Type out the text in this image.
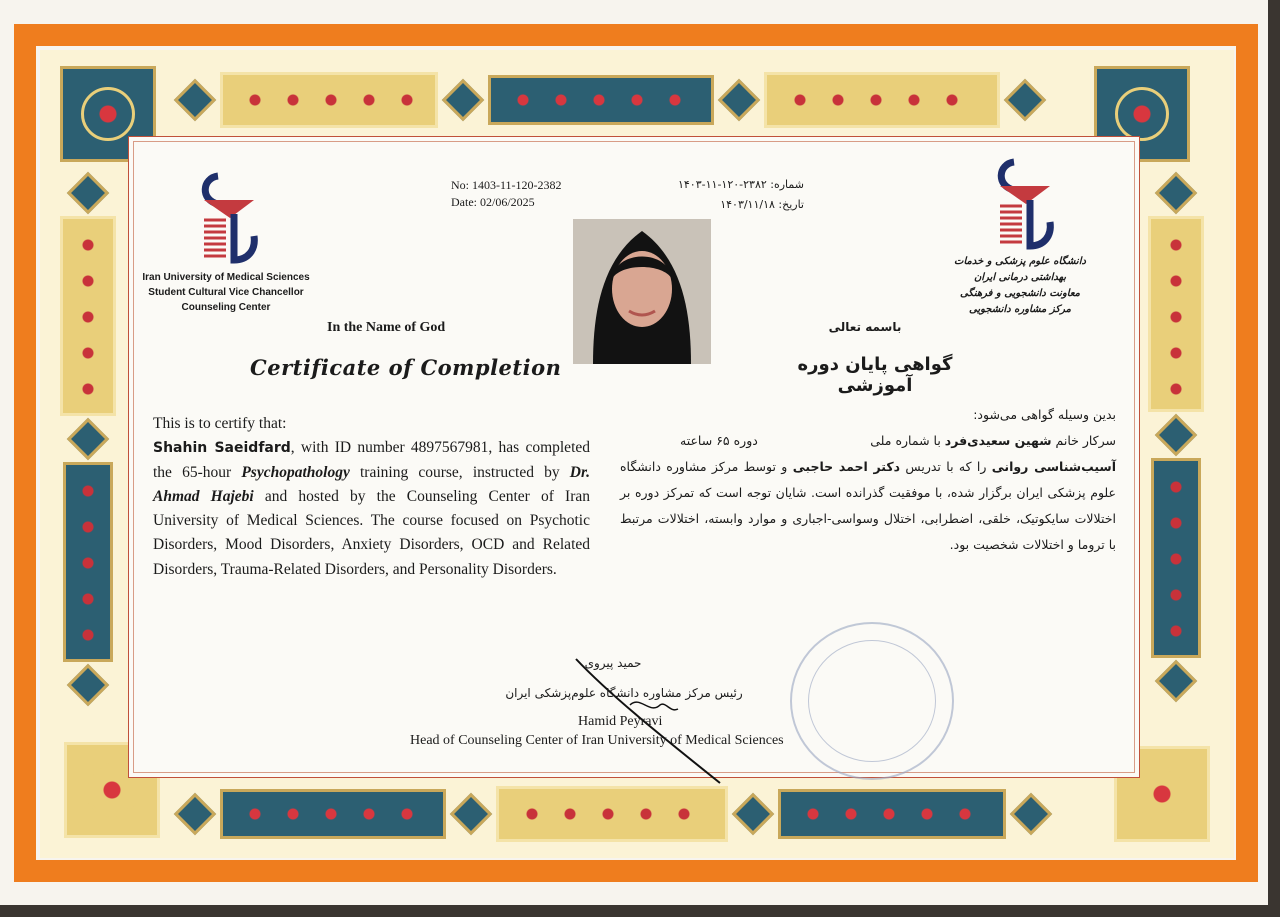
Iran University of Medical Sciences
Student Cultural Vice Chancellor
Counseling Center
دانشگاه علوم پزشکی و خدمات بهداشتی درمانی ایران
معاونت دانشجویی و فرهنگی
مرکز مشاوره دانشجویی
No: 1403-11-120-2382
Date: 02/06/2025
شماره: ۲۳۸۲-۱۲۰-۱۱-۱۴۰۳
تاریخ: ۱۴۰۳/۱۱/۱۸
In the Name of God	باسمه تعالی
Certificate of Completion	گواهی پایان دوره آموزشی
This is to certify that:
Shahin Saeidfard, with ID number 4897567981, has completed the 65-hour Psychopathology training course, instructed by Dr. Ahmad Hajebi and hosted by the Counseling Center of Iran University of Medical Sciences. The course focused on Psychotic Disorders, Mood Disorders, Anxiety Disorders, OCD and Related Disorders, Trauma-Related Disorders, and Personality Disorders.
بدین وسیله گواهی می‌شود:
سرکار خانم شهین سعیدی‌فرد با شماره ملی
دوره ۶۵ ساعته
آسیب‌شناسی روانی را که با تدریس دکتر احمد حاجبی و توسط مرکز مشاوره دانشگاه علوم پزشکی ایران برگزار شده، با موفقیت گذرانده است. شایان توجه است که تمرکز دوره بر اختلالات سایکوتیک، خلقی، اضطرابی، اختلال وسواسی-اجباری و موارد وابسته، اختلالات مرتبط با تروما و اختلالات شخصیت بود.
حمید پیروی
رئیس مرکز مشاوره دانشگاه علوم‌پزشکی ایران
Hamid Peyravi
Head of Counseling Center of Iran University of Medical Sciences
